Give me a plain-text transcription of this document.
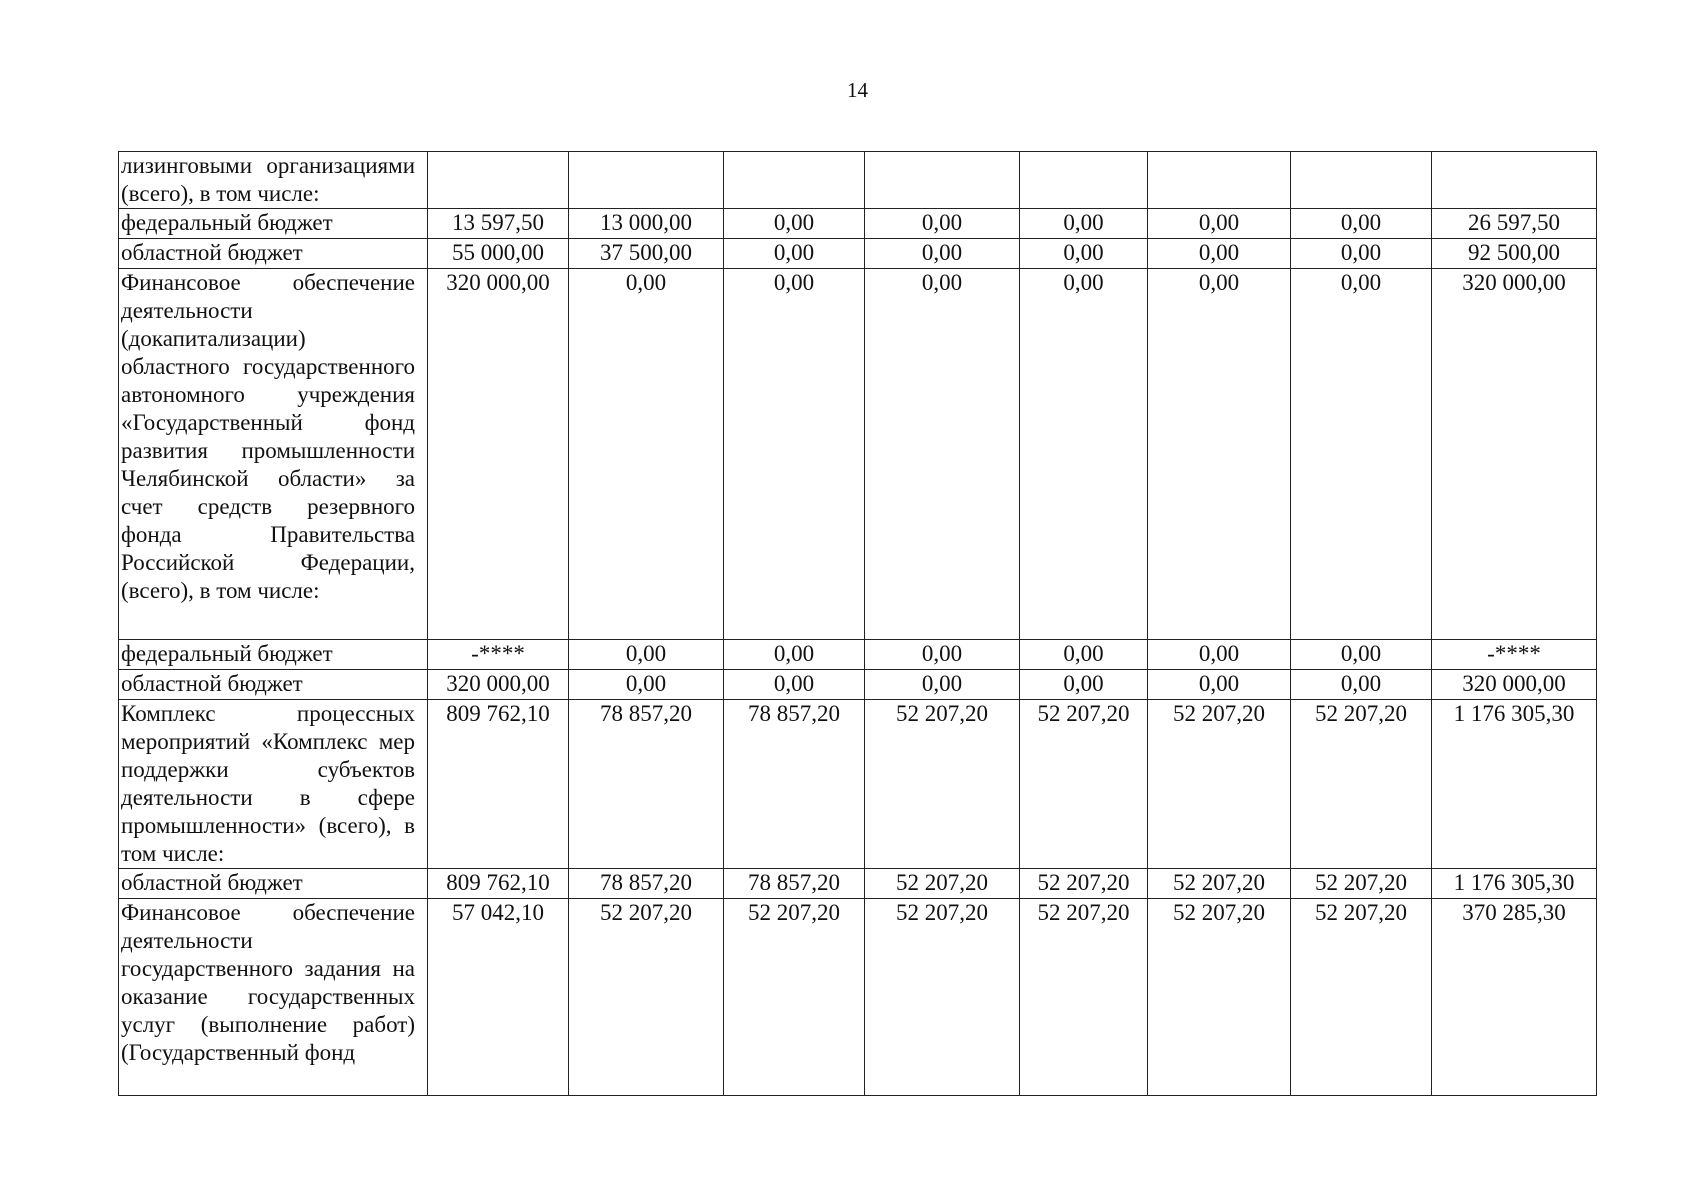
14
лизинговыми организациями (всего), в том числе:								
федеральный бюджет	13 597,50	13 000,00	0,00	0,00	0,00	0,00	0,00	26 597,50
областной бюджет	55 000,00	37 500,00	0,00	0,00	0,00	0,00	0,00	92 500,00
Финансовое обеспечение деятельности (докапитализации) областного государственного автономного учреждения «Государственный фонд развития промышленности Челябинской области» за счет средств резервного фонда Правительства Российской Федерации, (всего), в том числе:	320 000,00	0,00	0,00	0,00	0,00	0,00	0,00	320 000,00
федеральный бюджет	-****	0,00	0,00	0,00	0,00	0,00	0,00	-****
областной бюджет	320 000,00	0,00	0,00	0,00	0,00	0,00	0,00	320 000,00
Комплекс процессных мероприятий «Комплекс мер поддержки субъектов деятельности в сфере промышленности» (всего), в том числе:	809 762,10	78 857,20	78 857,20	52 207,20	52 207,20	52 207,20	52 207,20	1 176 305,30
областной бюджет	809 762,10	78 857,20	78 857,20	52 207,20	52 207,20	52 207,20	52 207,20	1 176 305,30
Финансовое обеспечение деятельности государственного задания на оказание государственных услуг (выполнение работ) (Государственный фонд	57 042,10	52 207,20	52 207,20	52 207,20	52 207,20	52 207,20	52 207,20	370 285,30
